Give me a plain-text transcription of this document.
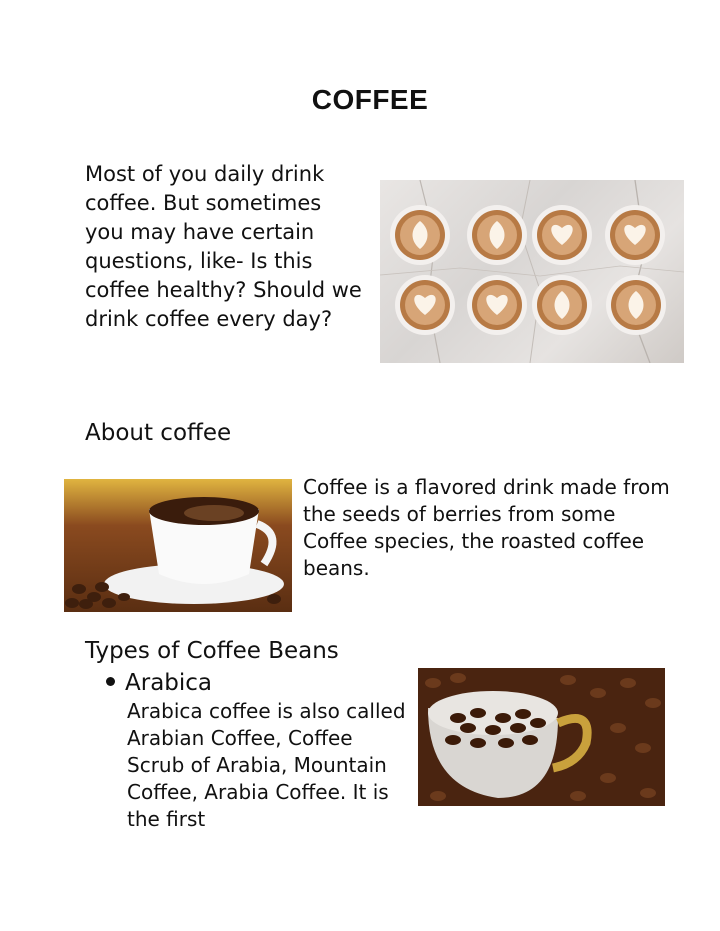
COFFEE
Most of you daily drink coffee. But sometimes you may have certain questions, like- Is this coffee healthy? Should we drink coffee every day?
About coffee
Coffee is a flavored drink made from the seeds of berries from some Coffee species, the roasted coffee beans.
Types of Coffee Beans
Arabica
Arabica coffee is also called Arabian Coffee, Coffee Scrub of Arabia, Mountain Coffee, Arabia Coffee. It is the first
